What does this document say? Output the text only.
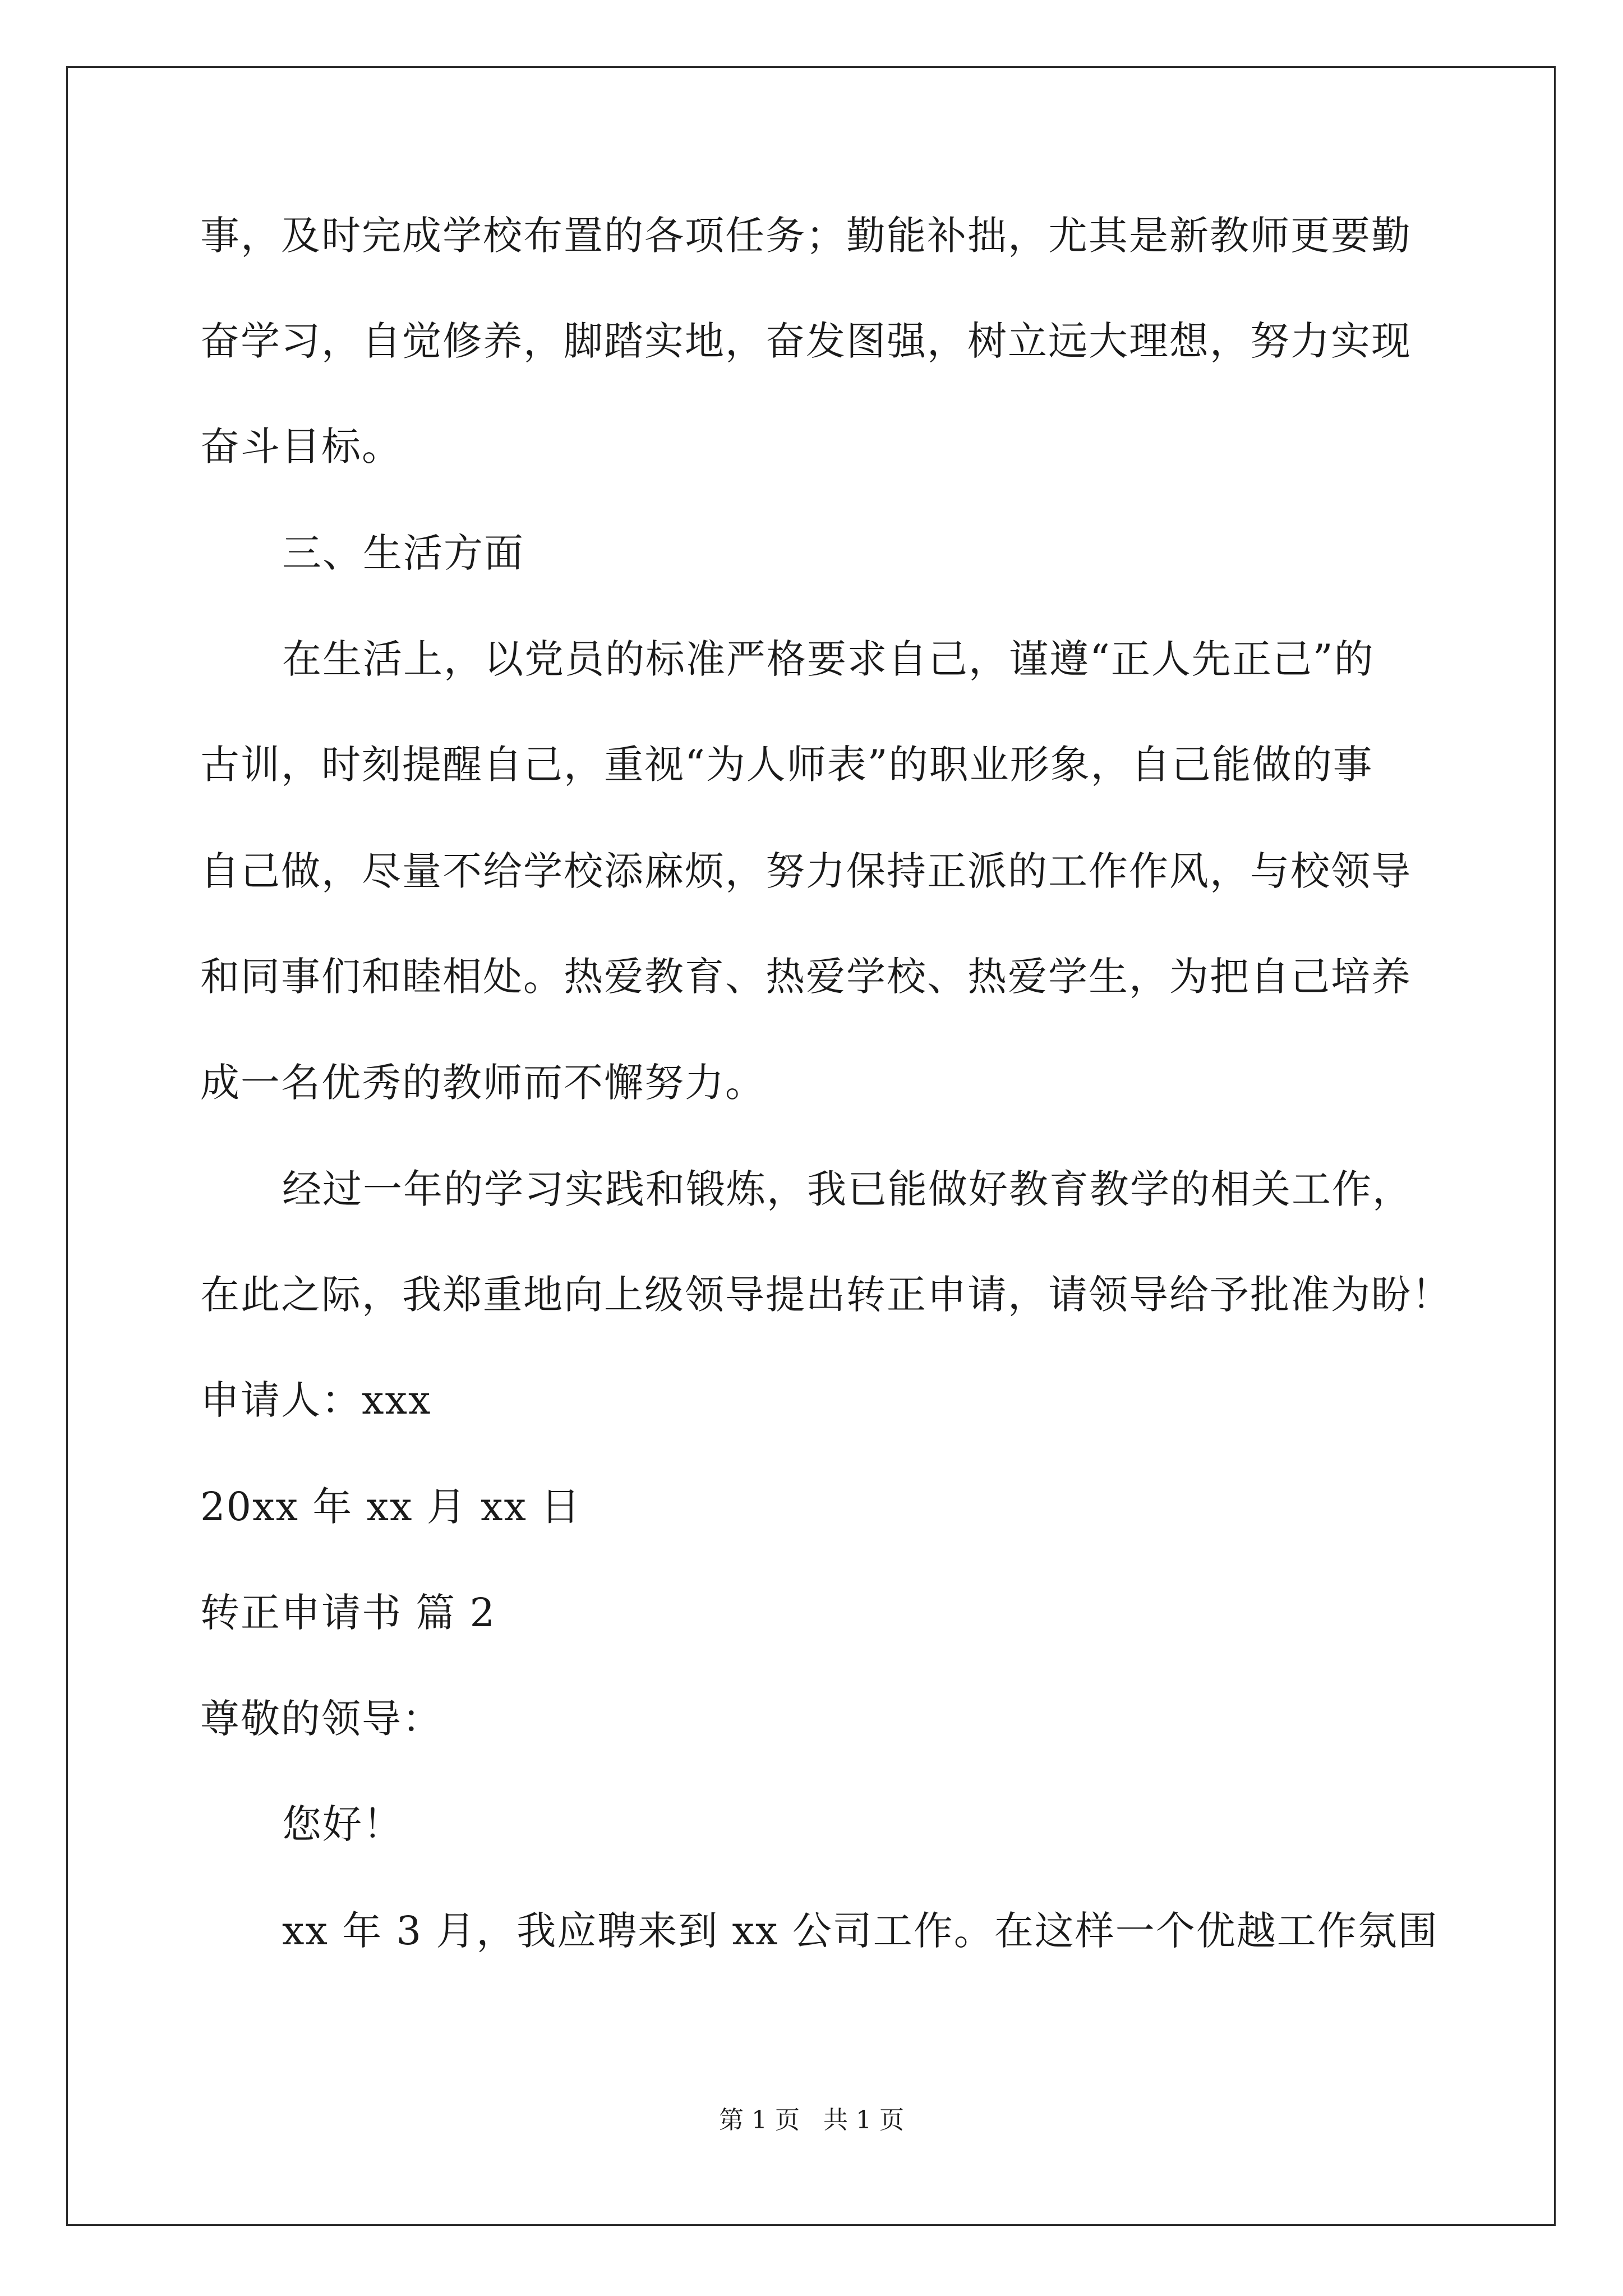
事，及时完成学校布置的各项任务；勤能补拙，尤其是新教师更要勤
奋学习，自觉修养，脚踏实地，奋发图强，树立远大理想，努力实现
奋斗目标。
三、生活方面
在生活上，以党员的标准严格要求自己，谨遵“正人先正己”的
古训，时刻提醒自己，重视“为人师表”的职业形象，自己能做的事
自己做，尽量不给学校添麻烦，努力保持正派的工作作风，与校领导
和同事们和睦相处。热爱教育、热爱学校、热爱学生，为把自己培养
成一名优秀的教师而不懈努力。
经过一年的学习实践和锻炼，我已能做好教育教学的相关工作，
在此之际，我郑重地向上级领导提出转正申请，请领导给予批准为盼！
申请人：xxx
20xx 年 xx 月 xx 日
转正申请书 篇 2
尊敬的领导：
您好！
xx 年 3 月，我应聘来到 xx 公司工作。在这样一个优越工作氛围
第 1 页   共 1 页
